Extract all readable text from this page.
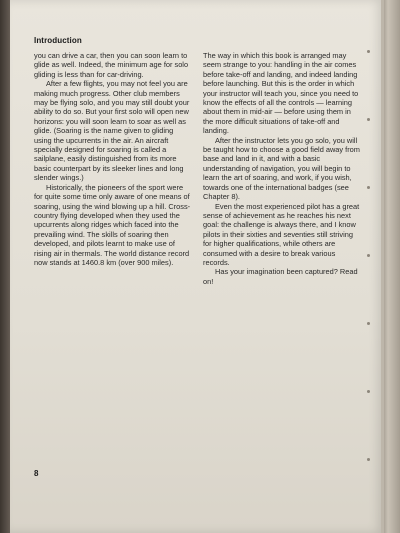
Introduction

you can drive a car, then you can soon learn to glide as well. Indeed, the minimum age for solo gliding is less than for car-driving.

After a few flights, you may not feel you are making much progress. Other club members may be flying solo, and you may still doubt your ability to do so. But your first solo will open new horizons: you will soon learn to soar as well as glide. (Soaring is the name given to gliding using the upcurrents in the air. An aircraft specially designed for soaring is called a sailplane, easily distinguished from its more basic counterpart by its sleeker lines and long slender wings.)

Historically, the pioneers of the sport were for quite some time only aware of one means of soaring, using the wind blowing up a hill. Cross-country flying developed when they used the upcurrents along ridges which faced into the prevailing wind. The skills of soaring then developed, and pilots learnt to make use of rising air in thermals. The world distance record now stands at 1460.8 km (over 900 miles).

The way in which this book is arranged may seem strange to you: handling in the air comes before take-off and landing, and indeed landing before launching. But this is the order in which your instructor will teach you, since you need to know the effects of all the controls — learning about them in mid-air — before using them in the more difficult situations of take-off and landing.

After the instructor lets you go solo, you will be taught how to choose a good field away from base and land in it, and with a basic understanding of navigation, you will begin to learn the art of soaring, and work, if you wish, towards one of the international badges (see Chapter 8).

Even the most experienced pilot has a great sense of achievement as he reaches his next goal: the challenge is always there, and I know pilots in their sixties and seventies still striving for higher qualifications, while others are consumed with a desire to break various records.

Has your imagination been captured? Read on!

8
